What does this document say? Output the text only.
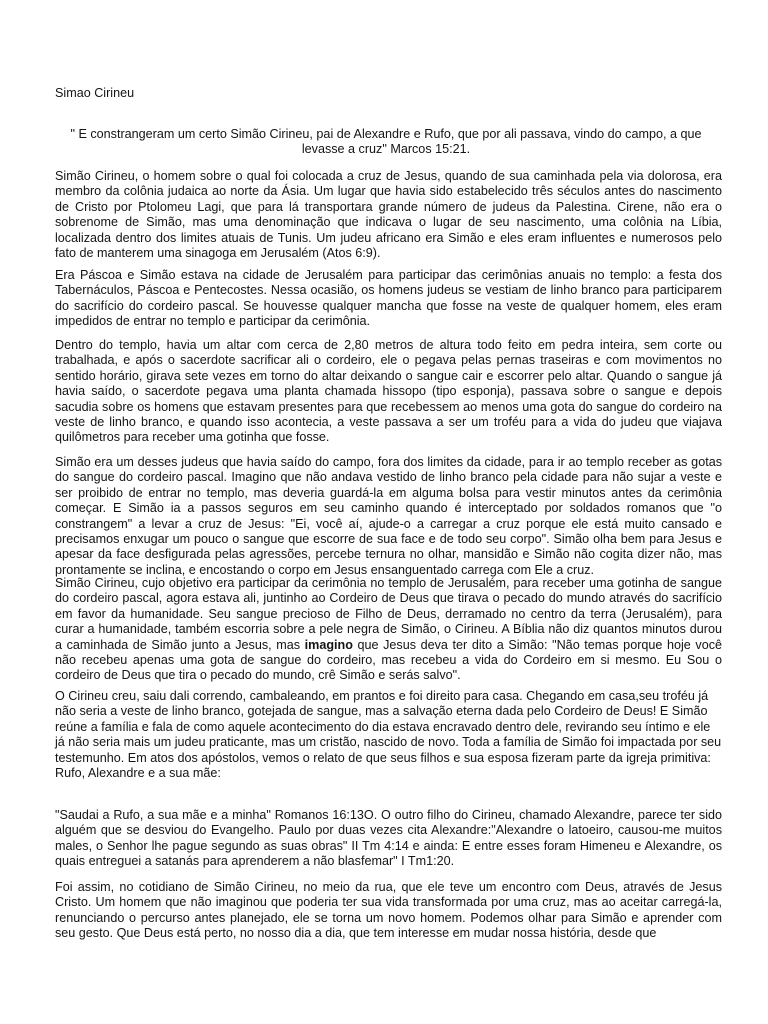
Simao Cirineu

" E constrangeram um certo Simão Cirineu, pai de Alexandre e Rufo, que por ali passava, vindo do campo, a que levasse a cruz" Marcos 15:21.

Simão Cirineu, o homem sobre o qual foi colocada a cruz de Jesus, quando de sua caminhada pela via dolorosa, era membro da colônia judaica ao norte da Ásia. Um lugar que havia sido estabelecido três séculos antes do nascimento de Cristo por Ptolomeu Lagi, que para lá transportara grande número de judeus da Palestina. Cirene, não era o sobrenome de Simão, mas uma denominação que indicava o lugar de seu nascimento, uma colônia na Líbia, localizada dentro dos limites atuais de Tunis. Um judeu africano era Simão e eles eram influentes e numerosos pelo fato de manterem uma sinagoga em Jerusalém (Atos 6:9).

Era Páscoa e Simão estava na cidade de Jerusalém para participar das cerimônias anuais no templo: a festa dos Tabernáculos, Páscoa e Pentecostes. Nessa ocasião, os homens judeus se vestiam de linho branco para participarem do sacrifício do cordeiro pascal. Se houvesse qualquer mancha que fosse na veste de qualquer homem, eles eram impedidos de entrar no templo e participar da cerimônia.

Dentro do templo, havia um altar com cerca de 2,80 metros de altura todo feito em pedra inteira, sem corte ou trabalhada, e após o sacerdote sacrificar ali o cordeiro, ele o pegava pelas pernas traseiras e com movimentos no sentido horário, girava sete vezes em torno do altar deixando o sangue cair e escorrer pelo altar. Quando o sangue já havia saído, o sacerdote pegava uma planta chamada hissopo (tipo esponja), passava sobre o sangue e depois sacudia sobre os homens que estavam presentes para que recebessem ao menos uma gota do sangue do cordeiro na veste de linho branco, e quando isso acontecia, a veste passava a ser um troféu para a vida do judeu que viajava quilômetros para receber uma gotinha que fosse.

Simão era um desses judeus que havia saído do campo, fora dos limites da cidade, para ir ao templo receber as gotas do sangue do cordeiro pascal. Imagino que não andava vestido de linho branco pela cidade para não sujar a veste e ser proibido de entrar no templo, mas deveria guardá-la em alguma bolsa para vestir minutos antes da cerimônia começar. E Simão ia a passos seguros em seu caminho quando é interceptado por soldados romanos que "o constrangem" a levar a cruz de Jesus: "Ei, você aí, ajude-o a carregar a cruz porque ele está muito cansado e precisamos enxugar um pouco o sangue que escorre de sua face e de todo seu corpo". Simão olha bem para Jesus e apesar da face desfigurada pelas agressões, percebe ternura no olhar, mansidão e Simão não cogita dizer não, mas prontamente se inclina, e encostando o corpo em Jesus ensanguentado carrega com Ele a cruz.

Simão Cirineu, cujo objetivo era participar da cerimônia no templo de Jerusalém, para receber uma gotinha de sangue do cordeiro pascal, agora estava ali, juntinho ao Cordeiro de Deus que tirava o pecado do mundo através do sacrifício em favor da humanidade. Seu sangue precioso de Filho de Deus, derramado no centro da terra (Jerusalém), para curar a humanidade, também escorria sobre a pele negra de Simão, o Cirineu. A Bíblia não diz quantos minutos durou a caminhada de Simão junto a Jesus, mas imagino que Jesus deva ter dito a Simão: "Não temas porque hoje você não recebeu apenas uma gota de sangue do cordeiro, mas recebeu a vida do Cordeiro em si mesmo. Eu Sou o cordeiro de Deus que tira o pecado do mundo, crê Simão e serás salvo".

O Cirineu creu, saiu dali correndo, cambaleando, em prantos e foi direito para casa. Chegando em casa,seu troféu já não seria a veste de linho branco, gotejada de sangue, mas a salvação eterna dada pelo Cordeiro de Deus! E Simão reúne a família e fala de como aquele acontecimento do dia estava encravado dentro dele, revirando seu íntimo e ele já não seria mais um judeu praticante, mas um cristão, nascido de novo. Toda a família de Simão foi impactada por seu testemunho. Em atos dos apóstolos, vemos o relato de que seus filhos e sua esposa fizeram parte da igreja primitiva: Rufo, Alexandre e a sua mãe:

"Saudai a Rufo, a sua mãe e a minha" Romanos 16:13O. O outro filho do Cirineu, chamado Alexandre, parece ter sido alguém que se desviou do Evangelho. Paulo por duas vezes cita Alexandre:"Alexandre o latoeiro, causou-me muitos males, o Senhor lhe pague segundo as suas obras" II Tm 4:14 e ainda: E entre esses foram Himeneu e Alexandre, os quais entreguei a satanás para aprenderem a não blasfemar" I Tm1:20.

Foi assim, no cotidiano de Simão Cirineu, no meio da rua, que ele teve um encontro com Deus, através de Jesus Cristo. Um homem que não imaginou que poderia ter sua vida transformada por uma cruz, mas ao aceitar carregá-la, renunciando o percurso antes planejado, ele se torna um novo homem. Podemos olhar para Simão e aprender com seu gesto. Que Deus está perto, no nosso dia a dia, que tem interesse em mudar nossa história, desde que
